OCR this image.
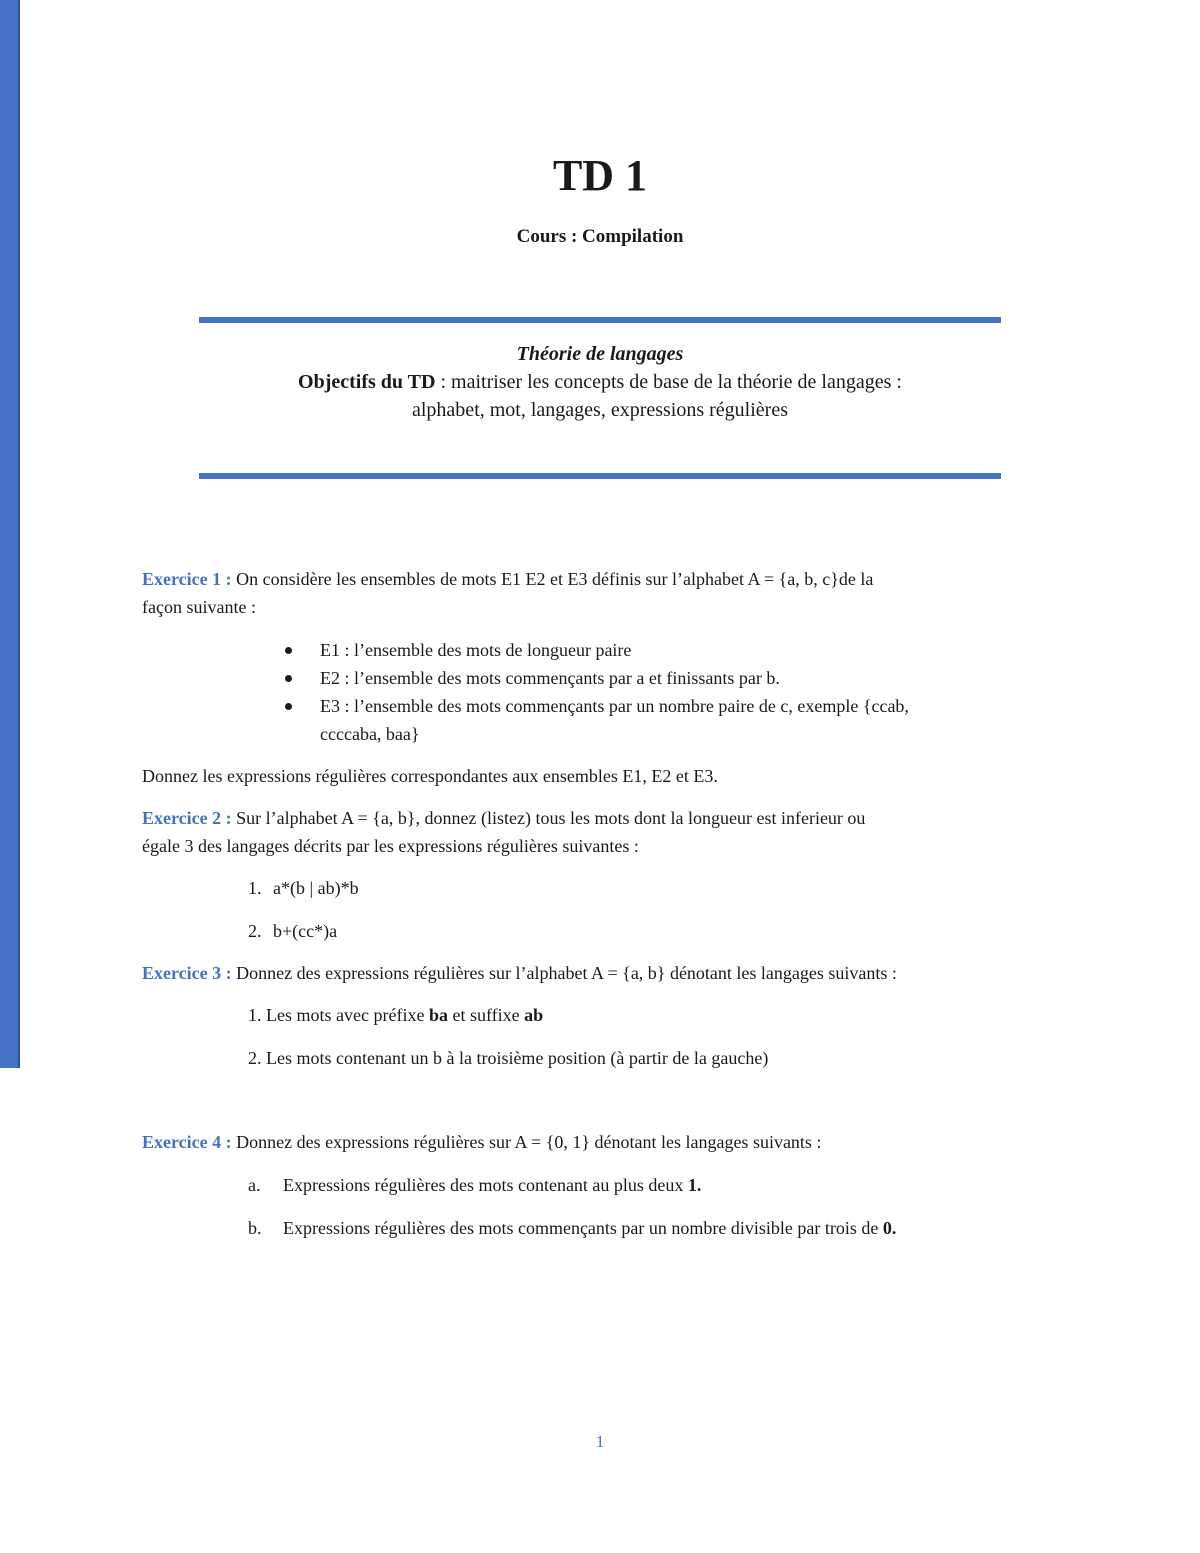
TD 1
Cours : Compilation
Théorie de langages
Objectifs du TD : maitriser les concepts de base de la théorie de langages :
alphabet, mot, langages, expressions régulières

Exercice 1 : On considère les ensembles de mots E1 E2 et E3 définis sur l’alphabet A = {a, b, c}de la
façon suivante :

E1 : l’ensemble des mots de longueur paire
E2 : l’ensemble des mots commençants par a et finissants par b.
E3 : l’ensemble des mots commençants par un nombre paire de c, exemple {ccab,
ccccaba, baa}

Donnez les expressions régulières correspondantes aux ensembles E1, E2 et E3.

Exercice 2 : Sur l’alphabet A = {a, b}, donnez (listez) tous les mots dont la longueur est inferieur ou
égale 3 des langages décrits par les expressions régulières suivantes :

1. a*(b | ab)*b
2. b+(cc*)a

Exercice 3 : Donnez des expressions régulières sur l’alphabet A = {a, b} dénotant les langages suivants :

1. Les mots avec préfixe ba et suffixe ab
2. Les mots contenant un b à la troisième position (à partir de la gauche)

Exercice 4 : Donnez des expressions régulières sur A = {0, 1} dénotant les langages suivants :

a. Expressions régulières des mots contenant au plus deux 1.
b. Expressions régulières des mots commençants par un nombre divisible par trois de 0.
1
